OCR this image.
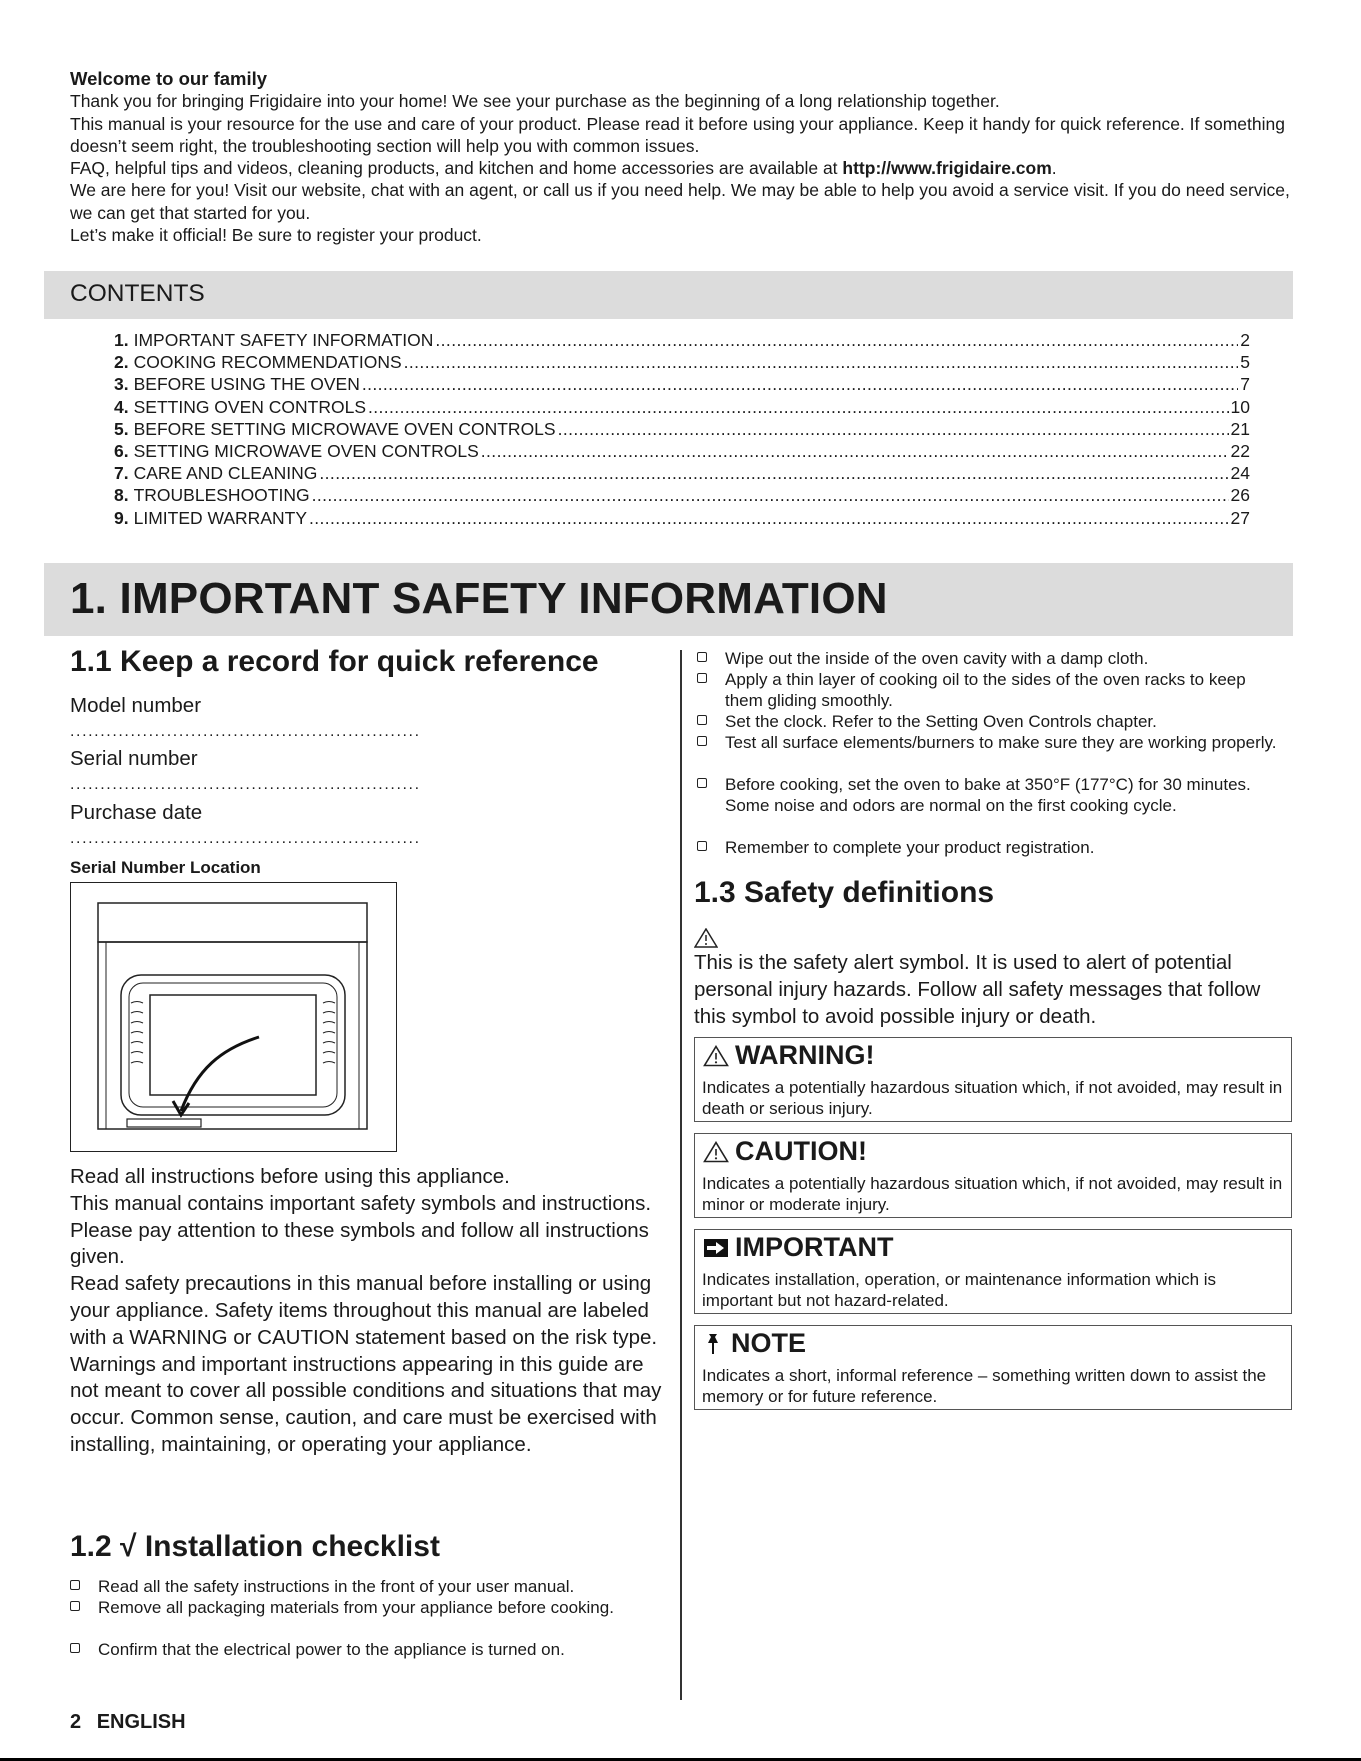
Welcome to our family

Thank you for bringing Frigidaire into your home! We see your purchase as the beginning of a long relationship together.

This manual is your resource for the use and care of your product. Please read it before using your appliance. Keep it handy for quick reference. If something doesn’t seem right, the troubleshooting section will help you with common issues.

FAQ, helpful tips and videos, cleaning products, and kitchen and home accessories are available at http://www.frigidaire.com.

We are here for you! Visit our website, chat with an agent, or call us if you need help. We may be able to help you avoid a service visit. If you do need service, we can get that started for you.

Let’s make it official! Be sure to register your product.

CONTENTS
1. IMPORTANT SAFETY INFORMATION .....	2
2. COOKING RECOMMENDATIONS .....	5
3. BEFORE USING THE OVEN .....	7
4. SETTING OVEN CONTROLS .....	10
5. BEFORE SETTING MICROWAVE OVEN CONTROLS .....	21
6. SETTING MICROWAVE OVEN CONTROLS .....	22
7. CARE AND CLEANING .....	24
8. TROUBLESHOOTING .....	26
9. LIMITED WARRANTY .....	27
1. IMPORTANT SAFETY INFORMATION
1.1 Keep a record for quick reference
Model number
..........................................................
Serial number
..........................................................
Purchase date
..........................................................
Serial Number Location

Read all instructions before using this appliance.

This manual contains important safety symbols and instructions. Please pay attention to these symbols and follow all instructions given.

Read safety precautions in this manual before installing or using your appliance. Safety items throughout this manual are labeled with a WARNING or CAUTION statement based on the risk type.

Warnings and important instructions appearing in this guide are not meant to cover all possible conditions and situations that may occur. Common sense, caution, and care must be exercised with installing, maintaining, or operating your appliance.

1.2 √ Installation checklist
Read all the safety instructions in the front of your user manual.
Remove all packaging materials from your appliance before cooking.
Confirm that the electrical power to the appliance is turned on.
Wipe out the inside of the oven cavity with a damp cloth.
Apply a thin layer of cooking oil to the sides of the oven racks to keep them gliding smoothly.
Set the clock. Refer to the Setting Oven Controls chapter.
Test all surface elements/burners to make sure they are working properly.
Before cooking, set the oven to bake at 350°F (177°C) for 30 minutes. Some noise and odors are normal on the first cooking cycle.
Remember to complete your product registration.
1.3 Safety definitions
This is the safety alert symbol. It is used to alert of potential personal injury hazards. Follow all safety messages that follow this symbol to avoid possible injury or death.
WARNING!
Indicates a potentially hazardous situation which, if not avoided, may result in death or serious injury.
CAUTION!
Indicates a potentially hazardous situation which, if not avoided, may result in minor or moderate injury.
IMPORTANT
Indicates installation, operation, or maintenance information which is important but not hazard-related.
NOTE
Indicates a short, informal reference – something written down to assist the memory or for future reference.
2 ENGLISH
